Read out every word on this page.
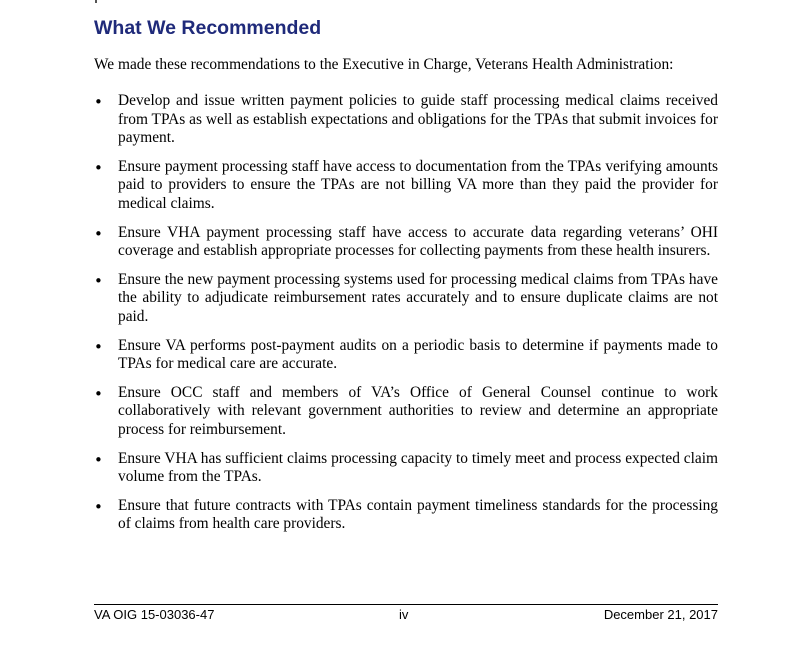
What We Recommended

We made these recommendations to the Executive in Charge, Veterans Health Administration:

• Develop and issue written payment policies to guide staff processing medical claims received from TPAs as well as establish expectations and obligations for the TPAs that submit invoices for payment.
• Ensure payment processing staff have access to documentation from the TPAs verifying amounts paid to providers to ensure the TPAs are not billing VA more than they paid the provider for medical claims.
• Ensure VHA payment processing staff have access to accurate data regarding veterans’ OHI coverage and establish appropriate processes for collecting payments from these health insurers.
• Ensure the new payment processing systems used for processing medical claims from TPAs have the ability to adjudicate reimbursement rates accurately and to ensure duplicate claims are not paid.
• Ensure VA performs post-payment audits on a periodic basis to determine if payments made to TPAs for medical care are accurate.
• Ensure OCC staff and members of VA’s Office of General Counsel continue to work collaboratively with relevant government authorities to review and determine an appropriate process for reimbursement.
• Ensure VHA has sufficient claims processing capacity to timely meet and process expected claim volume from the TPAs.
• Ensure that future contracts with TPAs contain payment timeliness standards for the processing of claims from health care providers.
VA OIG 15-03036-47	iv	December 21, 2017
